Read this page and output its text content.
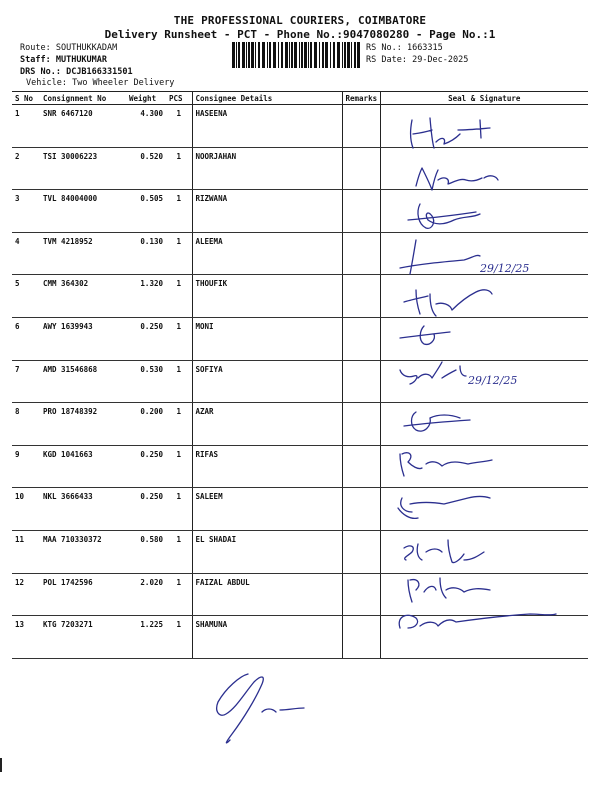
THE PROFESSIONAL COURIERS, COIMBATORE
Delivery Runsheet - PCT - Phone No.:9047080280 - Page No.:1
Route: SOUTHUKKADAM
Staff: MUTHUKUMAR
DRS No.: DCJB166331501
Vehicle: Two Wheeler Delivery
RS No.: 1663315
RS Date: 29-Dec-2025
S No	Consignment No	Weight	PCS	Consignee Details	Remarks	Seal & Signature
1	SNR 6467120	4.300	1	HASEENA		
2	TSI 30006223	0.520	1	NOORJAHAN		
3	TVL 84004000	0.505	1	RIZWANA		
4	TVM 4218952	0.130	1	ALEEMA		
5	CMM 364302	1.320	1	THOUFIK		
6	AWY 1639943	0.250	1	MONI		
7	AMD 31546868	0.530	1	SOFIYA		
8	PRO 18748392	0.200	1	AZAR		
9	KGD 1041663	0.250	1	RIFAS		
10	NKL 3666433	0.250	1	SALEEM		
11	MAA 710330372	0.580	1	EL SHADAI		
12	POL 1742596	2.020	1	FAIZAL ABDUL		
13	KTG 7203271	1.225	1	SHAMUNA		
29/12/25
29/12/25
